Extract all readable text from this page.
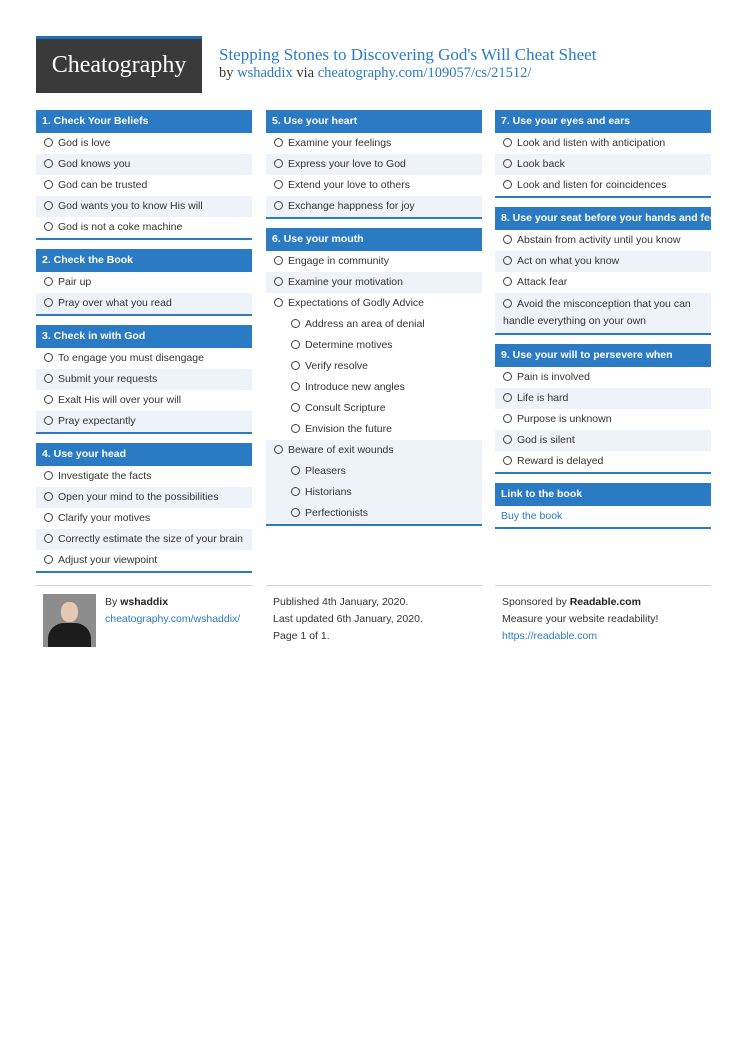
Cheatography	Stepping Stones to Discovering God's Will Cheat Sheet
by wshaddix via cheatography.com/109057/cs/21512/
1. Check Your Beliefs
God is love
God knows you
God can be trusted
God wants you to know His will
God is not a coke machine
2. Check the Book
Pair up
Pray over what you read
3. Check in with God
To engage you must disengage
Submit your requests
Exalt His will over your will
Pray expectantly
4. Use your head
Investigate the facts
Open your mind to the possibilities
Clarify your motives
Correctly estimate the size of your brain
Adjust your viewpoint
5. Use your heart
Examine your feelings
Express your love to God
Extend your love to others
Exchange happness for joy
6. Use your mouth
Engage in community
Examine your motivation
Expectations of Godly Advice
Address an area of denial
Determine motives
Verify resolve
Introduce new angles
Consult Scripture
Envision the future
Beware of exit wounds
Pleasers
Historians
Perfectionists
7. Use your eyes and ears
Look and listen with anticipation
Look back
Look and listen for coincidences
8. Use your seat before your hands and feet
Abstain from activity until you know
Act on what you know
Attack fear
Avoid the misconception that you can handle everything on your own
9. Use your will to persevere when
Pain is involved
Life is hard
Purpose is unknown
God is silent
Reward is delayed
Link to the book
Buy the book
By wshaddix
cheatography.com/wshaddix/
Published 4th January, 2020.
Last updated 6th January, 2020.
Page 1 of 1.
Sponsored by Readable.com
Measure your website readability!
https://readable.com
